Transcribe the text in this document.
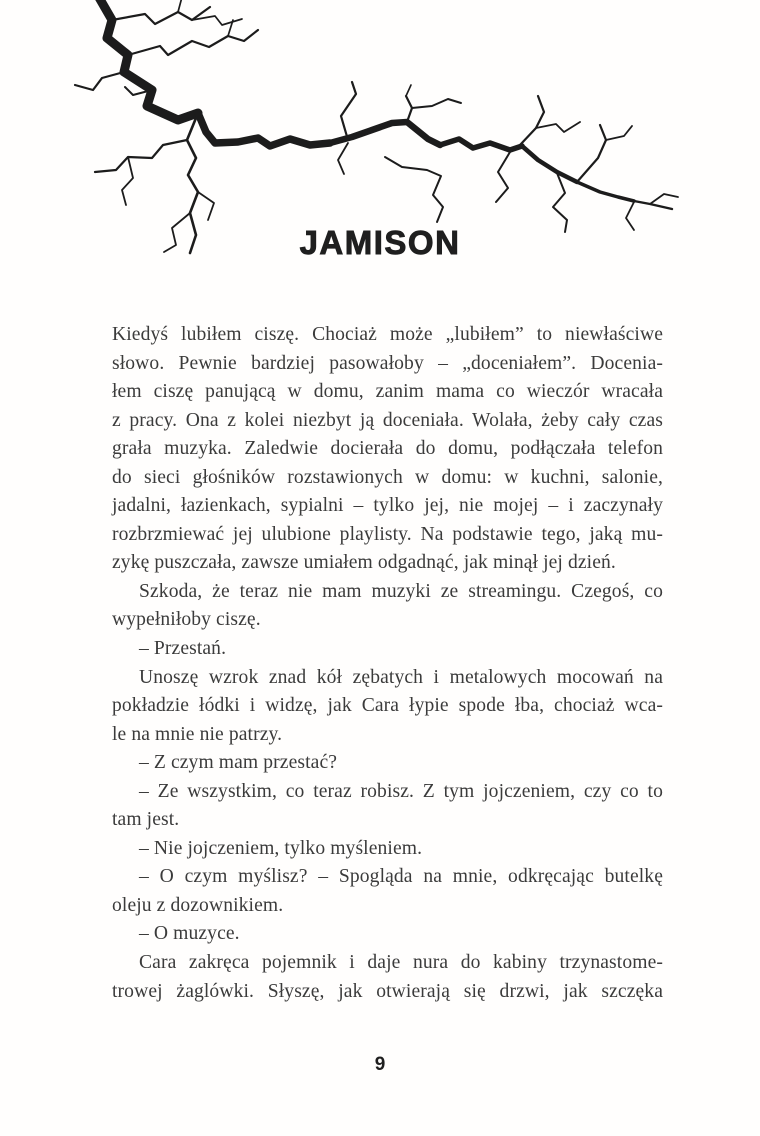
JAMISON
Kiedyś lubiłem ciszę. Chociaż może „lubiłem” to niewłaściwe
słowo. Pewnie bardziej pasowałoby – „doceniałem”. Docenia-
łem ciszę panującą w domu, zanim mama co wieczór wracała
z pracy. Ona z kolei niezbyt ją doceniała. Wolała, żeby cały czas
grała muzyka. Zaledwie docierała do domu, podłączała telefon
do sieci głośników rozstawionych w domu: w kuchni, salonie,
jadalni, łazienkach, sypialni – tylko jej, nie mojej – i zaczynały
rozbrzmiewać jej ulubione playlisty. Na podstawie tego, jaką mu-
zykę puszczała, zawsze umiałem odgadnąć, jak minął jej dzień.
Szkoda, że teraz nie mam muzyki ze streamingu. Czegoś, co
wypełniłoby ciszę.
– Przestań.
Unoszę wzrok znad kół zębatych i metalowych mocowań na
pokładzie łódki i widzę, jak Cara łypie spode łba, chociaż wca-
le na mnie nie patrzy.
– Z czym mam przestać?
– Ze wszystkim, co teraz robisz. Z tym jojczeniem, czy co to
tam jest.
– Nie jojczeniem, tylko myśleniem.
– O czym myślisz? – Spogląda na mnie, odkręcając butelkę
oleju z dozownikiem.
– O muzyce.
Cara zakręca pojemnik i daje nura do kabiny trzynastome-
trowej żaglówki. Słyszę, jak otwierają się drzwi, jak szczęka
9
